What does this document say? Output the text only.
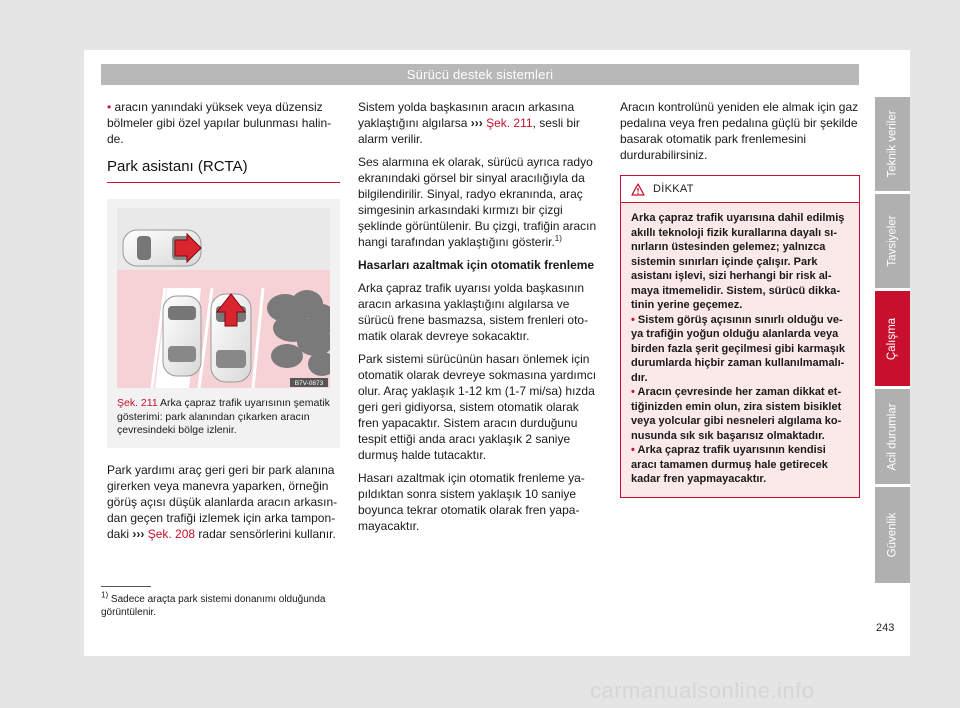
Sürücü destek sistemleri

• aracın yanındaki yüksek veya düzensiz bölmeler gibi özel yapılar bulunması halinde.

Park asistanı (RCTA)
B7V-0873
Şek. 211 Arka çapraz trafik uyarısının şematik gösterimi: park alanından çıkarken aracın çevresindeki bölge izlenir.

Park yardımı araç geri geri bir park alanına girerken veya manevra yaparken, örneğin görüş açısı düşük alanlarda aracın arkasından geçen trafiği izlemek için arka tampondaki ››› Şek. 208 radar sensörlerini kullanır.

Sistem yolda başkasının aracın arkasına yaklaştığını algılarsa ››› Şek. 211, sesli bir alarm verilir.

Ses alarmına ek olarak, sürücü ayrıca radyo ekranındaki görsel bir sinyal aracılığıyla da bilgilendirilir. Sinyal, radyo ekranında, araç simgesinin arkasındaki kırmızı bir çizgi şeklinde görüntülenir. Bu çizgi, trafiğin aracın hangi tarafından yaklaştığını gösterir.$^{1)}$

Hasarları azaltmak için otomatik frenleme

Arka çapraz trafik uyarısı yolda başkasının aracın arkasına yaklaştığını algılarsa ve sürücü frene basmazsa, sistem frenleri otomatik olarak devreye sokacaktır.

Park sistemi sürücünün hasarı önlemek için otomatik olarak devreye sokmasına yardımcı olur. Araç yaklaşık 1-12 km (1-7 mi/sa) hızda geri geri gidiyorsa, sistem otomatik olarak fren yapacaktır. Sistem aracın durduğunu tespit ettiği anda aracı yaklaşık 2 saniye durmuş halde tutacaktır.

Hasarı azaltmak için otomatik frenleme yapıldıktan sonra sistem yaklaşık 10 saniye boyunca tekrar otomatik olarak fren yapamayacaktır.

Aracın kontrolünü yeniden ele almak için gaz pedalına veya fren pedalına güçlü bir şekilde basarak otomatik park frenlemesini durdurabilirsiniz.

DİKKAT

Arka çapraz trafik uyarısına dahil edilmiş akıllı teknoloji fizik kurallarına dayalı sınırların üstesinden gelemez; yalnızca sistemin sınırları içinde çalışır. Park asistanı işlevi, sizi herhangi bir risk almaya itmemelidir. Sistem, sürücü dikkatinin yerine geçemez.

• Sistem görüş açısının sınırlı olduğu veya trafiğin yoğun olduğu alanlarda veya birden fazla şerit geçilmesi gibi karmaşık durumlarda hiçbir zaman kullanılmamalıdır.

• Aracın çevresinde her zaman dikkat ettiğinizden emin olun, zira sistem bisiklet veya yolcular gibi nesneleri algılama konusunda sık sık başarısız olmaktadır.

• Arka çapraz trafik uyarısının kendisi aracı tamamen durmuş hale getirecek kadar fren yapmayacaktır.

$^{1)}$ Sadece araçta park sistemi donanımı olduğunda görüntülenir.
Teknik veriler
Tavsiyeler
Çalışma
Acil durumlar
Güvenlik
243
carmanualsonline.info
